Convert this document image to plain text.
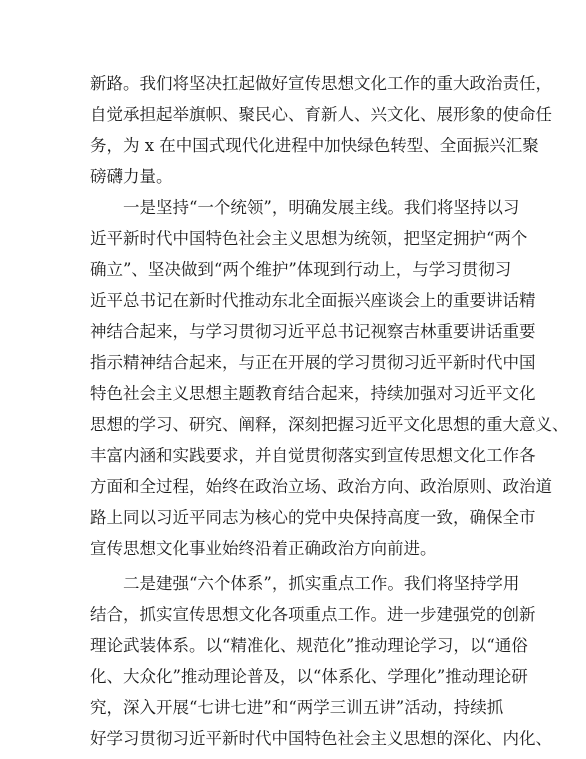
新路。我们将坚决扛起做好宣传思想文化工作的重大政治责任，

自觉承担起举旗帜、聚民心、育新人、兴文化、展形象的使命任

务，为 x 在中国式现代化进程中加快绿色转型、全面振兴汇聚

磅礴力量。

一是坚持“一个统领”，明确发展主线。我们将坚持以习

近平新时代中国特色社会主义思想为统领，把坚定拥护“两个

确立”、坚决做到“两个维护”体现到行动上，与学习贯彻习

近平总书记在新时代推动东北全面振兴座谈会上的重要讲话精

神结合起来，与学习贯彻习近平总书记视察吉林重要讲话重要

指示精神结合起来，与正在开展的学习贯彻习近平新时代中国

特色社会主义思想主题教育结合起来，持续加强对习近平文化

思想的学习、研究、阐释，深刻把握习近平文化思想的重大意义、

丰富内涵和实践要求，并自觉贯彻落实到宣传思想文化工作各

方面和全过程，始终在政治立场、政治方向、政治原则、政治道

路上同以习近平同志为核心的党中央保持高度一致，确保全市

宣传思想文化事业始终沿着正确政治方向前进。

二是建强“六个体系”，抓实重点工作。我们将坚持学用

结合，抓实宣传思想文化各项重点工作。进一步建强党的创新

理论武装体系。以“精准化、规范化”推动理论学习，以“通俗

化、大众化”推动理论普及，以“体系化、学理化”推动理论研

究，深入开展“七讲七进”和“两学三训五讲”活动，持续抓

好学习贯彻习近平新时代中国特色社会主义思想的深化、内化、
